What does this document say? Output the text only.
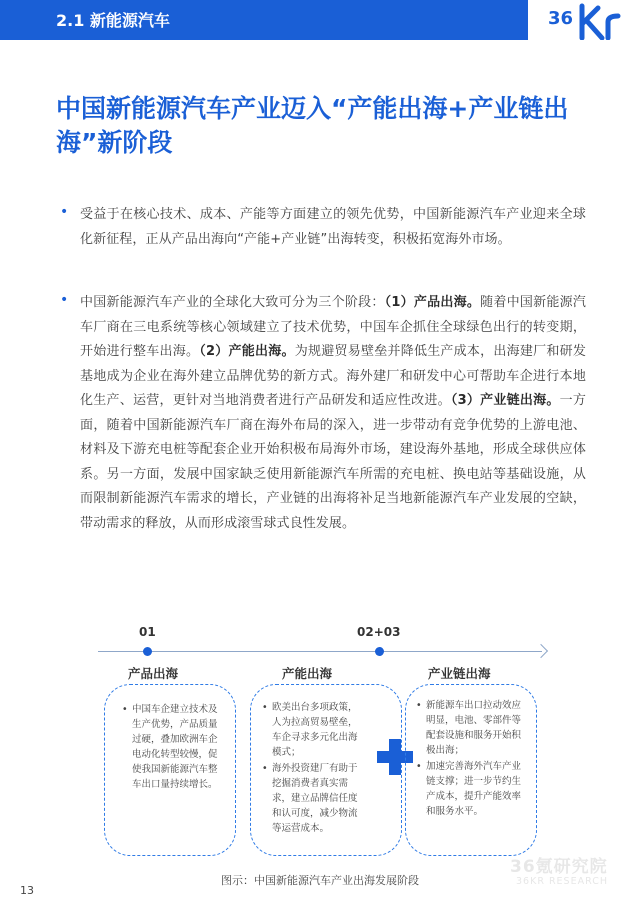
2.1 新能源汽车	36
中国新能源汽车产业迈入“产能出海+产业链出海”新阶段
• 受益于在核心技术、成本、产能等方面建立的领先优势，中国新能源汽车产业迎来全球化新征程，正从产品出海向“产能+产业链”出海转变，积极拓宽海外市场。

• 中国新能源汽车产业的全球化大致可分为三个阶段：（1）产品出海。随着中国新能源汽车厂商在三电系统等核心领域建立了技术优势，中国车企抓住全球绿色出行的转变期，开始进行整车出海。（2）产能出海。为规避贸易壁垒并降低生产成本，出海建厂和研发基地成为企业在海外建立品牌优势的新方式。海外建厂和研发中心可帮助车企进行本地化生产、运营，更针对当地消费者进行产品研发和适应性改进。（3）产业链出海。一方面，随着中国新能源汽车厂商在海外布局的深入，进一步带动有竞争优势的上游电池、材料及下游充电桩等配套企业开始积极布局海外市场，建设海外基地，形成全球供应体系。另一方面，发展中国家缺乏使用新能源汽车所需的充电桩、换电站等基础设施，从而限制新能源汽车需求的增长，产业链的出海将补足当地新能源汽车产业发展的空缺，带动需求的释放，从而形成滚雪球式良性发展。

01	02+03
产品出海	产能出海	产业链出海
• 中国车企建立技术及生产优势，产品质量过硬，叠加欧洲车企电动化转型较慢，促使我国新能源汽车整车出口量持续增长。
• 欧美出台多项政策，人为拉高贸易壁垒，车企寻求多元化出海模式；
• 海外投资建厂有助于挖掘消费者真实需求，建立品牌信任度和认可度，减少物流等运营成本。
• 新能源车出口拉动效应明显，电池、零部件等配套设施和服务开始积极出海；
• 加速完善海外汽车产业链支撑；进一步节约生产成本，提升产能效率和服务水平。
36氪研究院
36KR RESEARCH
图示：中国新能源汽车产业出海发展阶段
13
